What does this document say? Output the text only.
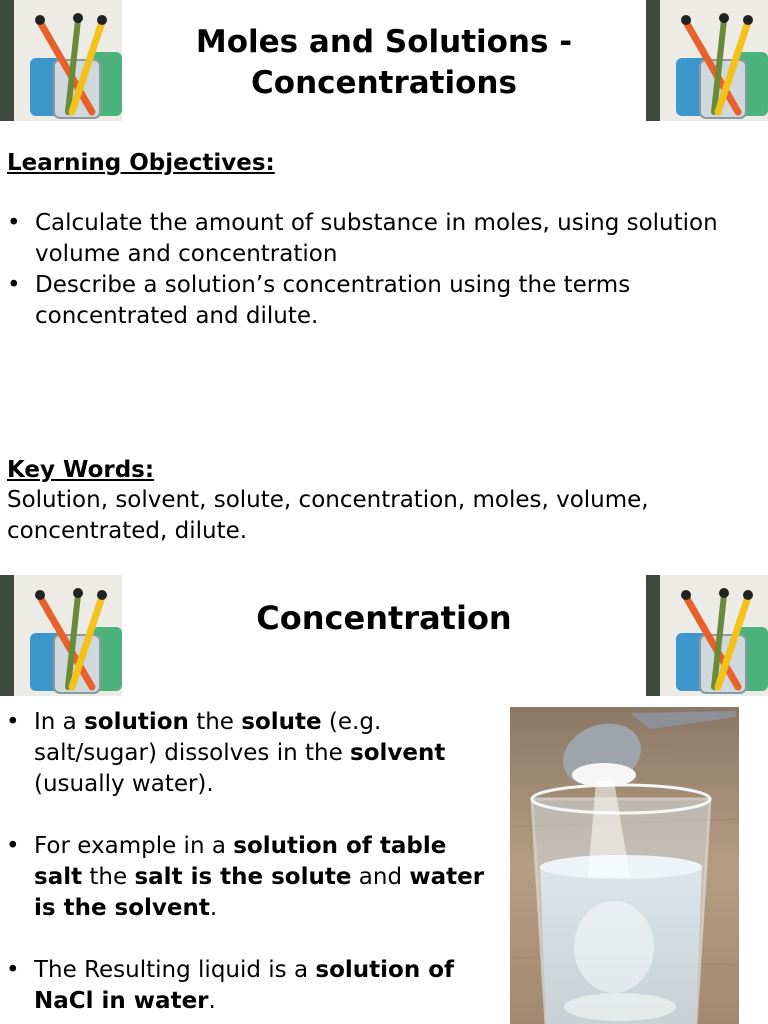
Moles and Solutions -
Concentrations
Learning Objectives:
• Calculate the amount of substance in moles, using solution volume and concentration
• Describe a solution’s concentration using the terms concentrated and dilute.
Key Words:
Solution, solvent, solute, concentration, moles, volume,
concentrated, dilute.
Concentration
• In a solution the solute (e.g. salt/sugar) dissolves in the solvent (usually water).
• For example in a solution of table salt the salt is the solute and water is the solvent.
• The Resulting liquid is a solution of NaCl in water.
